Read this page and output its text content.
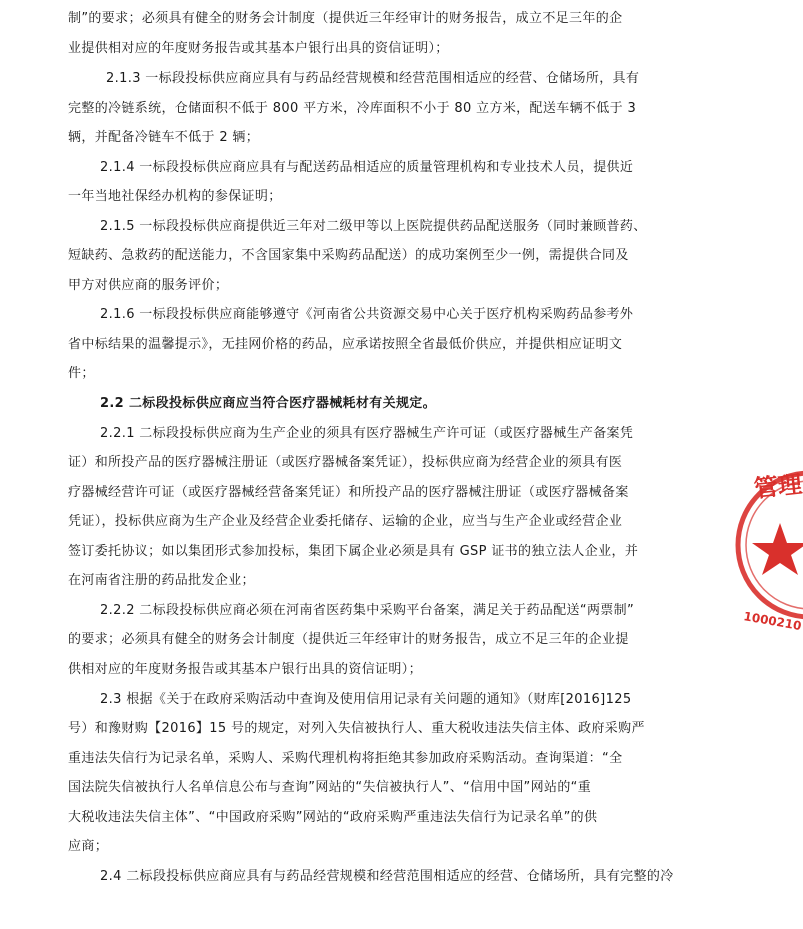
制”的要求；必须具有健全的财务会计制度（提供近三年经审计的财务报告，成立不足三年的企
业提供相对应的年度财务报告或其基本户银行出具的资信证明）；
2.1.3 一标段投标供应商应具有与药品经营规模和经营范围相适应的经营、仓储场所，具有
完整的冷链系统，仓储面积不低于 800 平方米，冷库面积不小于 80 立方米，配送车辆不低于 3
辆，并配备冷链车不低于 2 辆；
2.1.4 一标段投标供应商应具有与配送药品相适应的质量管理机构和专业技术人员，提供近
一年当地社保经办机构的参保证明；
2.1.5 一标段投标供应商提供近三年对二级甲等以上医院提供药品配送服务（同时兼顾普药、
短缺药、急救药的配送能力，不含国家集中采购药品配送）的成功案例至少一例，需提供合同及
甲方对供应商的服务评价；
2.1.6 一标段投标供应商能够遵守《河南省公共资源交易中心关于医疗机构采购药品参考外
省中标结果的温馨提示》，无挂网价格的药品，应承诺按照全省最低价供应，并提供相应证明文
件；
2.2 二标段投标供应商应当符合医疗器械耗材有关规定。
2.2.1 二标段投标供应商为生产企业的须具有医疗器械生产许可证（或医疗器械生产备案凭
证）和所投产品的医疗器械注册证（或医疗器械备案凭证），投标供应商为经营企业的须具有医
疗器械经营许可证（或医疗器械经营备案凭证）和所投产品的医疗器械注册证（或医疗器械备案
凭证），投标供应商为生产企业及经营企业委托储存、运输的企业，应当与生产企业或经营企业
签订委托协议；如以集团形式参加投标，集团下属企业必须是具有 GSP 证书的独立法人企业，并
在河南省注册的药品批发企业；
2.2.2 二标段投标供应商必须在河南省医药集中采购平台备案，满足关于药品配送“两票制”
的要求；必须具有健全的财务会计制度（提供近三年经审计的财务报告，成立不足三年的企业提
供相对应的年度财务报告或其基本户银行出具的资信证明）；
2.3 根据《关于在政府采购活动中查询及使用信用记录有关问题的通知》（财库[2016]125
号）和豫财购【2016】15 号的规定，对列入失信被执行人、重大税收违法失信主体、政府采购严
重违法失信行为记录名单，采购人、采购代理机构将拒绝其参加政府采购活动。查询渠道：“全
国法院失信被执行人名单信息公布与查询”网站的“失信被执行人”、“信用中国”网站的“重
大税收违法失信主体”、“中国政府采购”网站的“政府采购严重违法失信行为记录名单”的供
应商；
2.4 二标段投标供应商应具有与药品经营规模和经营范围相适应的经营、仓储场所，具有完整的冷
管理
1000210
